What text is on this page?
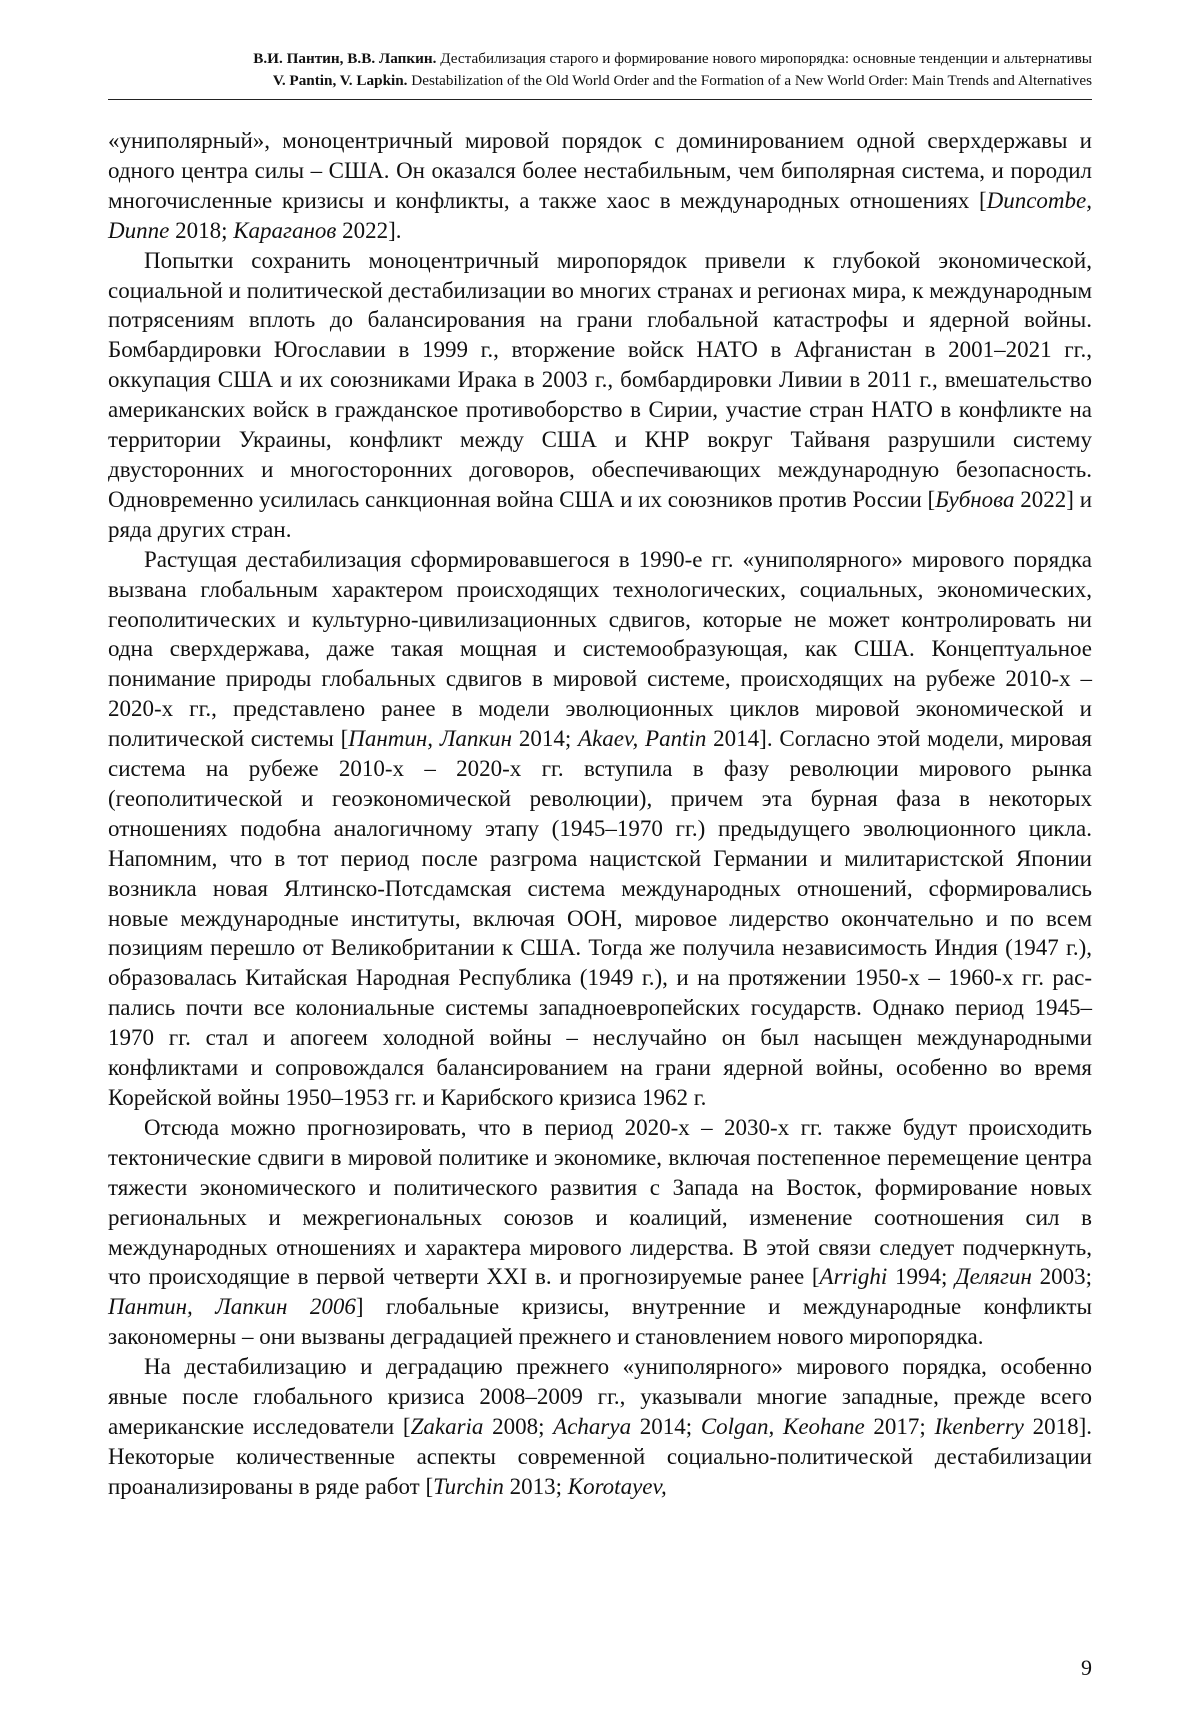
В.И. Пантин, В.В. Лапкин. Дестабилизация старого и формирование нового миропорядка: основные тенденции и альтернативы
V. Pantin, V. Lapkin. Destabilization of the Old World Order and the Formation of a New World Order: Main Trends and Alternatives

«униполярный», моноцентричный мировой порядок с доминированием одной сверхдержавы и одного центра силы – США. Он оказался более нестабильным, чем биполярная система, и породил многочисленные кризисы и конфликты, а также хаос в международных отношениях [Duncombe, Dunne 2018; Караганов 2022].

Попытки сохранить моноцентричный миропорядок привели к глубокой экономической, социальной и политической дестабилизации во многих странах и регионах мира, к международным потрясениям вплоть до балансирования на грани глобальной катастрофы и ядерной войны. Бомбардировки Югославии в 1999 г., вторжение войск НАТО в Афганистан в 2001–2021 гг., оккупация США и их союзниками Ирака в 2003 г., бомбардировки Ливии в 2011 г., вмешательство американских войск в гражданское противоборство в Сирии, участие стран НАТО в конфликте на территории Украины, конфликт между США и КНР вокруг Тайваня разрушили систему двусторонних и многосторонних договоров, обеспечивающих международную безопасность. Одновременно усилилась санкционная война США и их союзников против России [Бубнова 2022] и ряда других стран.

Растущая дестабилизация сформировавшегося в 1990-е гг. «униполярного» мирового порядка вызвана глобальным характером происходящих технологических, социальных, экономических, геополитических и культурно-цивилизационных сдвигов, которые не может контролировать ни одна сверхдержава, даже такая мощная и системообразующая, как США. Концептуальное понимание природы глобальных сдвигов в мировой системе, происходящих на рубеже 2010-х – 2020-х гг., представлено ранее в модели эволюционных циклов мировой экономической и политической системы [Пантин, Лапкин 2014; Akaev, Pantin 2014]. Согласно этой модели, мировая система на рубеже 2010-х – 2020-х гг. вступила в фазу революции мирового рынка (геополитической и геоэкономической революции), причем эта бурная фаза в некоторых отношениях подобна аналогичному этапу (1945–1970 гг.) предыдущего эволюционного цикла. Напомним, что в тот период после разгрома нацистской Германии и милитаристской Японии возникла новая Ялтинско-Потсдамская система международных отношений, сформировались новые международные институты, включая ООН, мировое лидерство окончательно и по всем позициям перешло от Великобритании к США. Тогда же получила независимость Индия (1947 г.), образовалась Китайская Народная Республика (1949 г.), и на протяжении 1950-х – 1960-х гг. распались почти все колониальные системы западноевропейских государств. Однако период 1945–1970 гг. стал и апогеем холодной войны – неслучайно он был насыщен международными конфликтами и сопровождался балансированием на грани ядерной войны, особенно во время Корейской войны 1950–1953 гг. и Карибского кризиса 1962 г.

Отсюда можно прогнозировать, что в период 2020-х – 2030-х гг. также будут происходить тектонические сдвиги в мировой политике и экономике, включая постепенное перемещение центра тяжести экономического и политического развития с Запада на Восток, формирование новых региональных и межрегиональных союзов и коалиций, изменение соотношения сил в международных отношениях и характера мирового лидерства. В этой связи следует подчеркнуть, что происходящие в первой четверти XXI в. и прогнозируемые ранее [Arrighi 1994; Делягин 2003; Пантин, Лапкин 2006] глобальные кризисы, внутренние и международные конфликты закономерны – они вызваны деградацией прежнего и становлением нового миропорядка.

На дестабилизацию и деградацию прежнего «униполярного» мирового порядка, особенно явные после глобального кризиса 2008–2009 гг., указывали многие западные, прежде всего американские исследователи [Zakaria 2008; Acharya 2014; Colgan, Keohane 2017; Ikenberry 2018]. Некоторые количественные аспекты современной социально-политической дестабилизации проанализированы в ряде работ [Turchin 2013; Korotayev,

9
